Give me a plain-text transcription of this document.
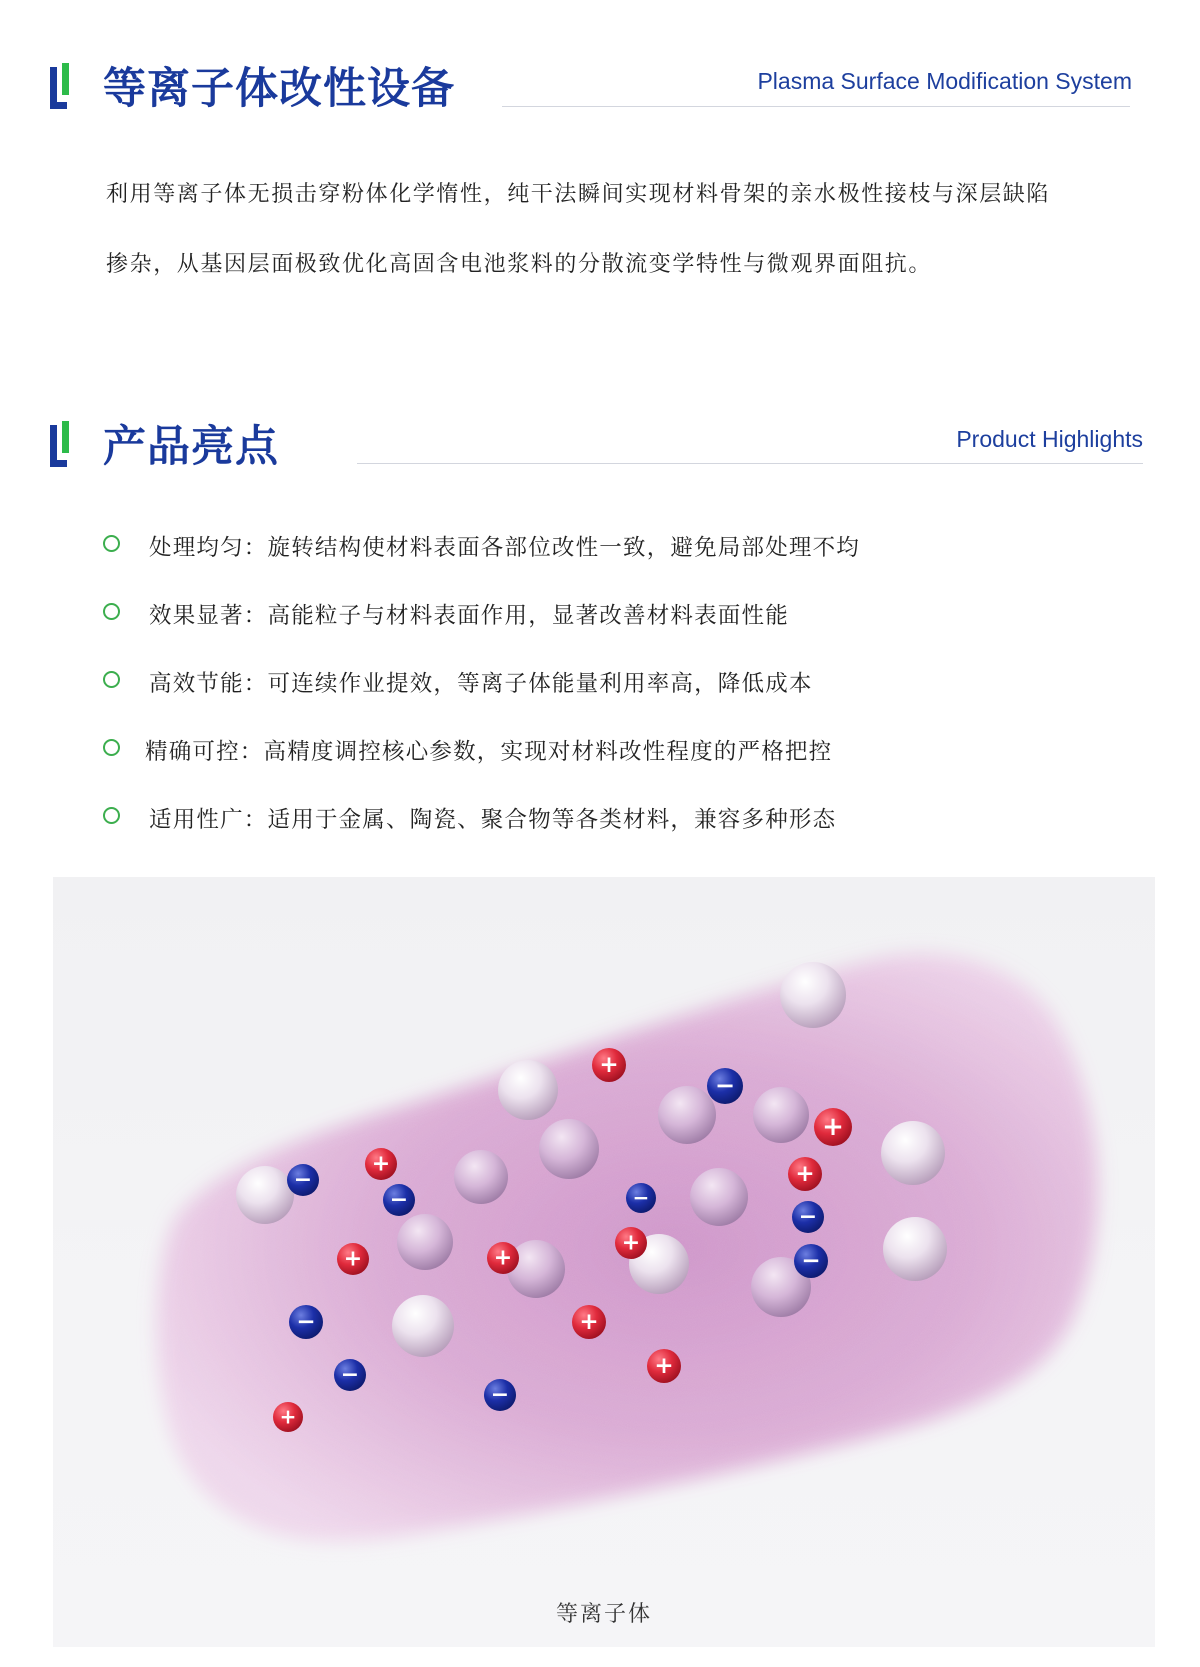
等离子体改性设备	Plasma Surface Modification System

利用等离子体无损击穿粉体化学惰性，纯干法瞬间实现材料骨架的亲水极性接枝与深层缺陷

掺杂，从基因层面极致优化高固含电池浆料的分散流变学特性与微观界面阻抗。

产品亮点	Product Highlights
处理均匀：旋转结构使材料表面各部位改性一致，避免局部处理不均
效果显著：高能粒子与材料表面作用，显著改善材料表面性能
高效节能：可连续作业提效，等离子体能量利用率高，降低成本
精确可控：高精度调控核心参数，实现对材料改性程度的严格把控
适用性广：适用于金属、陶瓷、聚合物等各类材料，兼容多种形态
+
−
+
+
−
−
+
−
−
+
+	−
+
+
−
−	+
−
+
等离子体
